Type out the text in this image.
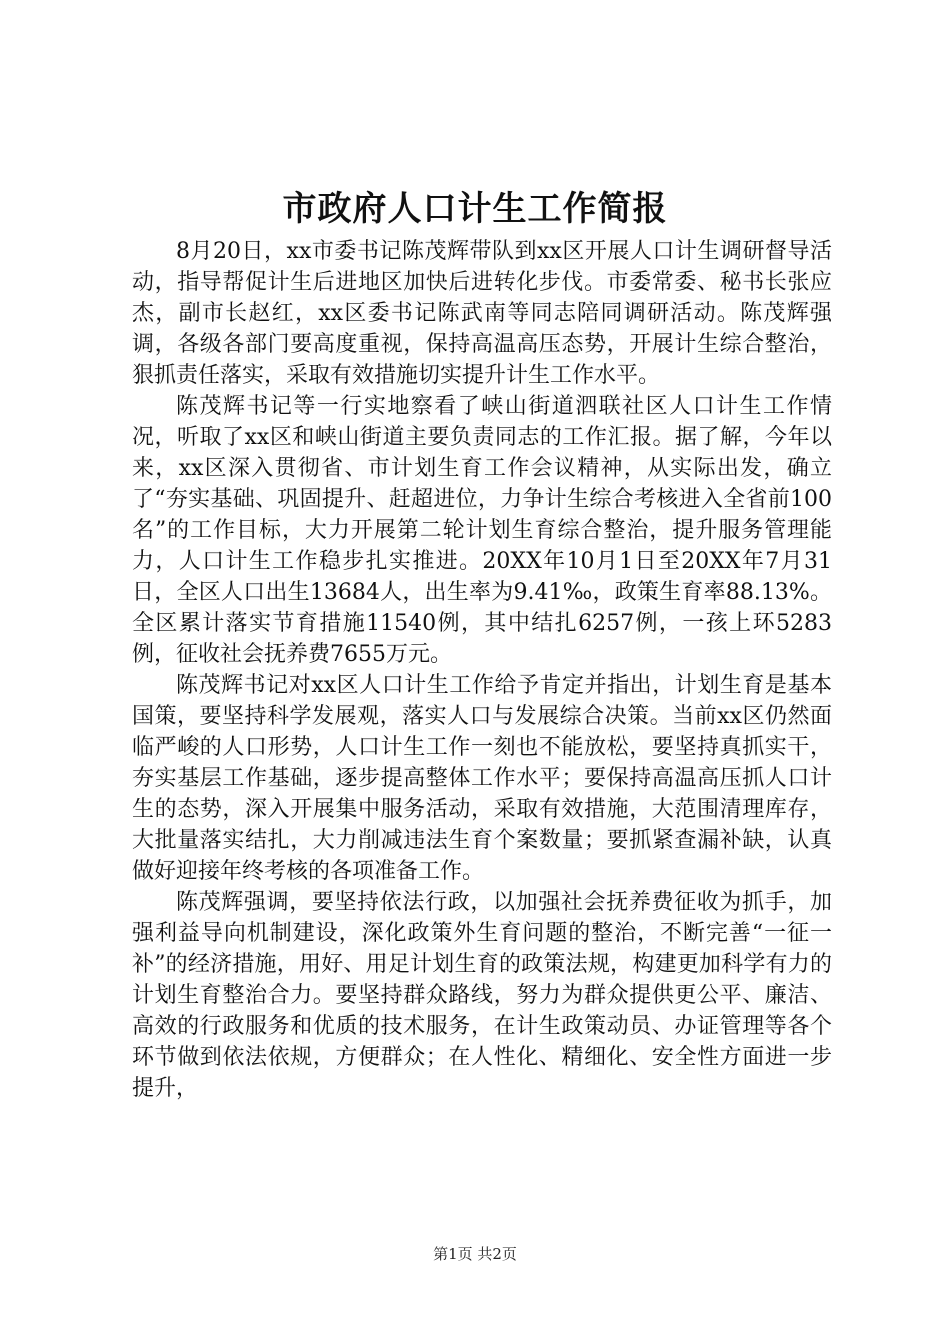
市政府人口计生工作简报

8月20日，xx市委书记陈茂辉带队到xx区开展人口计生调研督导活动，指导帮促计生后进地区加快后进转化步伐。市委常委、秘书长张应杰，副市长赵红，xx区委书记陈武南等同志陪同调研活动。陈茂辉强调，各级各部门要高度重视，保持高温高压态势，开展计生综合整治，狠抓责任落实，采取有效措施切实提升计生工作水平。

陈茂辉书记等一行实地察看了峡山街道泗联社区人口计生工作情况，听取了xx区和峡山街道主要负责同志的工作汇报。据了解，今年以来，xx区深入贯彻省、市计划生育工作会议精神，从实际出发，确立了“夯实基础、巩固提升、赶超进位，力争计生综合考核进入全省前100名”的工作目标，大力开展第二轮计划生育综合整治，提升服务管理能力，人口计生工作稳步扎实推进。20XX年10月1日至20XX年7月31日，全区人口出生13684人，出生率为9.41‰，政策生育率88.13%。全区累计落实节育措施11540例，其中结扎6257例，一孩上环5283例，征收社会抚养费7655万元。

陈茂辉书记对xx区人口计生工作给予肯定并指出，计划生育是基本国策，要坚持科学发展观，落实人口与发展综合决策。当前xx区仍然面临严峻的人口形势，人口计生工作一刻也不能放松，要坚持真抓实干，夯实基层工作基础，逐步提高整体工作水平；要保持高温高压抓人口计生的态势，深入开展集中服务活动，采取有效措施，大范围清理库存，大批量落实结扎，大力削减违法生育个案数量；要抓紧查漏补缺，认真做好迎接年终考核的各项准备工作。

陈茂辉强调，要坚持依法行政，以加强社会抚养费征收为抓手，加强利益导向机制建设，深化政策外生育问题的整治，不断完善“一征一补”的经济措施，用好、用足计划生育的政策法规，构建更加科学有力的计划生育整治合力。要坚持群众路线，努力为群众提供更公平、廉洁、高效的行政服务和优质的技术服务，在计生政策动员、办证管理等各个环节做到依法依规，方便群众；在人性化、精细化、安全性方面进一步提升，

第1页 共2页
